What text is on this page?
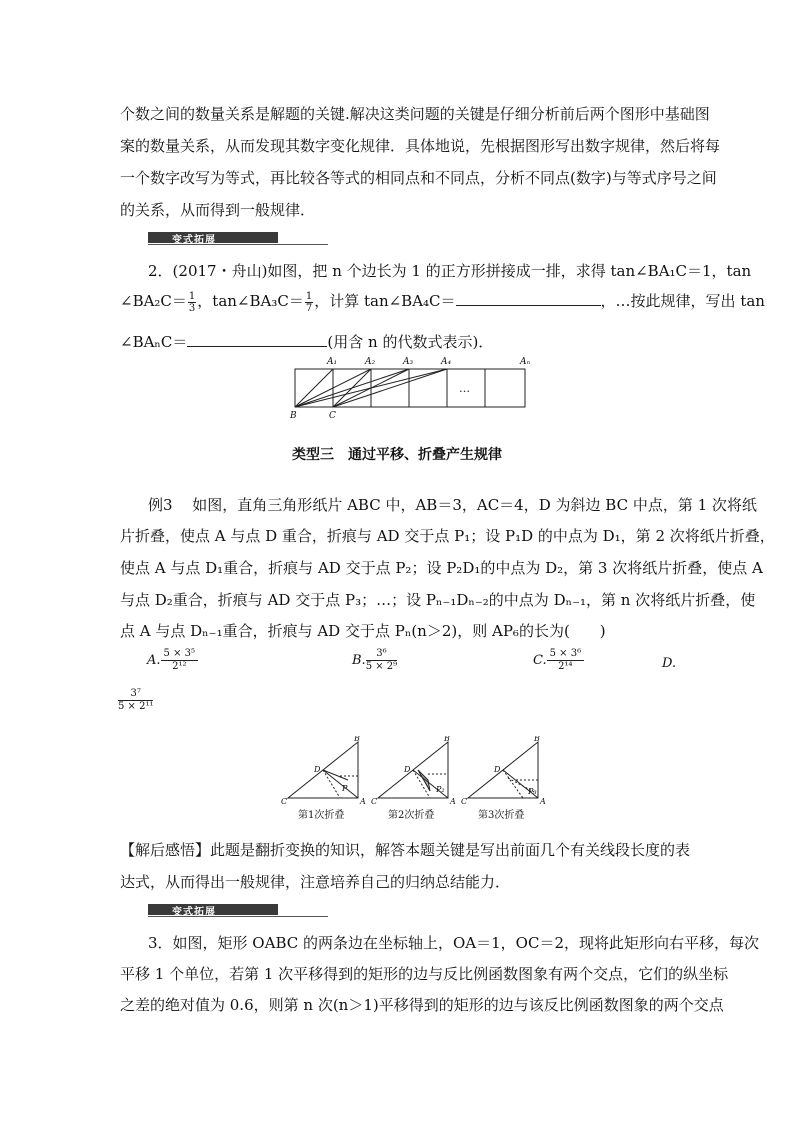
个数之间的数量关系是解题的关键.解决这类问题的关键是仔细分析前后两个图形中基础图
案的数量关系，从而发现其数字变化规律．具体地说，先根据图形写出数字规律，然后将每
一个数字改写为等式，再比较各等式的相同点和不同点，分析不同点(数字)与等式序号之间
的关系，从而得到一般规律．
变式拓展
2．(2017・舟山)如图，把 n 个边长为 1 的正方形拼接成一排，求得 tan∠BA₁C＝1，tan
∠BA₂C＝ $\frac{1}{3}$ ，tan∠BA₃C＝ $\frac{1}{7}$ ，计算 tan∠BA₄C＝	，…按此规律，写出 tan
∠BAₙC＝	(用含 n 的代数式表示)．
A₁	A₂	A₃	A₄	Aₙ
B	C
…
类型三　通过平移、折叠产生规律
例3　 如图，直角三角形纸片 ABC 中，AB＝3，AC＝4，D 为斜边 BC 中点，第 1 次将纸
片折叠，使点 A 与点 D 重合，折痕与 AD 交于点 P₁；设 P₁D 的中点为 D₁，第 2 次将纸片折叠，
使点 A 与点 D₁重合，折痕与 AD 交于点 P₂；设 P₂D₁的中点为 D₂，第 3 次将纸片折叠，使点 A
与点 D₂重合，折痕与 AD 交于点 P₃；…；设 Pₙ₋₁Dₙ₋₂的中点为 Dₙ₋₁，第 n 次将纸片折叠，使
点 A 与点 Dₙ₋₁重合，折痕与 AD 交于点 Pₙ(n＞2)，则 AP₆的长为(　　)
A. $\frac{\text{5 × 3⁵}}{\text{2¹²}}$	B. $\frac{\text{3⁶}}{\text{5 × 2⁹}}$	C. $\frac{\text{5 × 3⁶}}{\text{2¹⁴}}$	D.
$\frac{\text{3⁷}}{\text{5 × 2¹¹}}$
B
C
D
A
P
B
C
D
A
P₂
B
C
D
A
P₃
第1次折叠	第2次折叠	第3次折叠
【解后感悟】此题是翻折变换的知识，解答本题关键是写出前面几个有关线段长度的表
达式，从而得出一般规律，注意培养自己的归纳总结能力．
变式拓展
3．如图，矩形 OABC 的两条边在坐标轴上，OA＝1，OC＝2，现将此矩形向右平移，每次
平移 1 个单位，若第 1 次平移得到的矩形的边与反比例函数图象有两个交点，它们的纵坐标
之差的绝对值为 0.6，则第 n 次(n＞1)平移得到的矩形的边与该反比例函数图象的两个交点
